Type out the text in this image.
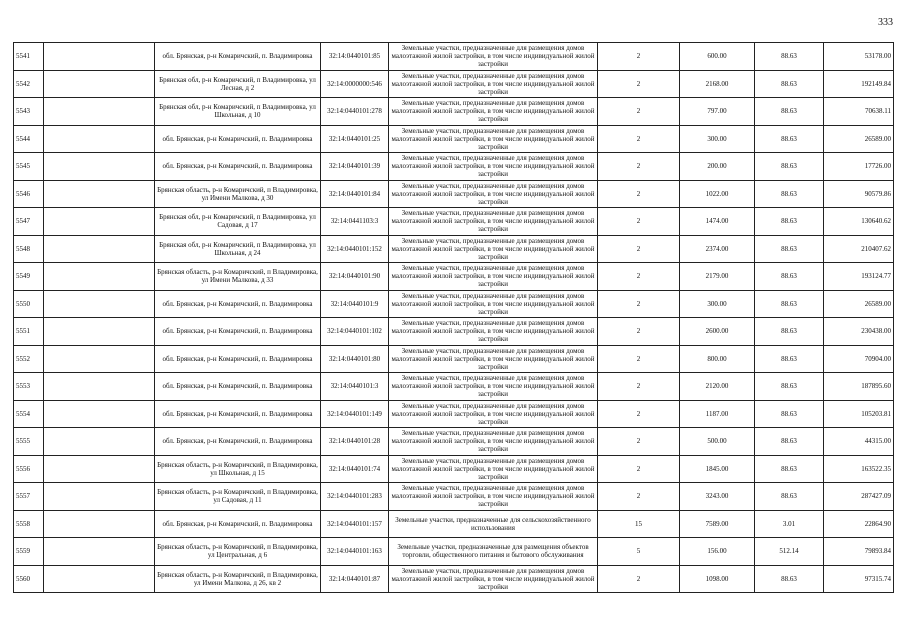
333
5541		обл. Брянская, р-н Комаричский, п. Владимировка	32:14:0440101:85	Земельные участки, предназначенные для размещения домов малоэтажной жилой застройки, в том числе индивидуальной жилой застройки	2	600.00	88.63	53178.00
5542		Брянская обл, р-н Комаричский, п Владимировка, ул Лесная, д 2	32:14:0000000:546	Земельные участки, предназначенные для размещения домов малоэтажной жилой застройки, в том числе индивидуальной жилой застройки	2	2168.00	88.63	192149.84
5543		Брянская обл, р-н Комаричский, п Владимировка, ул Школьная, д 10	32:14:0440101:278	Земельные участки, предназначенные для размещения домов малоэтажной жилой застройки, в том числе индивидуальной жилой застройки	2	797.00	88.63	70638.11
5544		обл. Брянская, р-н Комаричский, п. Владимировка	32:14:0440101:25	Земельные участки, предназначенные для размещения домов малоэтажной жилой застройки, в том числе индивидуальной жилой застройки	2	300.00	88.63	26589.00
5545		обл. Брянская, р-н Комаричский, п. Владимировка	32:14:0440101:39	Земельные участки, предназначенные для размещения домов малоэтажной жилой застройки, в том числе индивидуальной жилой застройки	2	200.00	88.63	17726.00
5546		Брянская область, р-н Комаричский, п Владимировка, ул Имени Малкова, д 30	32:14:0440101:84	Земельные участки, предназначенные для размещения домов малоэтажной жилой застройки, в том числе индивидуальной жилой застройки	2	1022.00	88.63	90579.86
5547		Брянская обл, р-н Комаричский, п Владимировка, ул Садовая, д 17	32:14:0441103:3	Земельные участки, предназначенные для размещения домов малоэтажной жилой застройки, в том числе индивидуальной жилой застройки	2	1474.00	88.63	130640.62
5548		Брянская обл, р-н Комаричский, п Владимировка, ул Школьная, д 24	32:14:0440101:152	Земельные участки, предназначенные для размещения домов малоэтажной жилой застройки, в том числе индивидуальной жилой застройки	2	2374.00	88.63	210407.62
5549		Брянская область, р-н Комаричский, п Владимировка, ул Имени Малкова, д 33	32:14:0440101:90	Земельные участки, предназначенные для размещения домов малоэтажной жилой застройки, в том числе индивидуальной жилой застройки	2	2179.00	88.63	193124.77
5550		обл. Брянская, р-н Комаричский, п. Владимировка	32:14:0440101:9	Земельные участки, предназначенные для размещения домов малоэтажной жилой застройки, в том числе индивидуальной жилой застройки	2	300.00	88.63	26589.00
5551		обл. Брянская, р-н Комаричский, п. Владимировка	32:14:0440101:102	Земельные участки, предназначенные для размещения домов малоэтажной жилой застройки, в том числе индивидуальной жилой застройки	2	2600.00	88.63	230438.00
5552		обл. Брянская, р-н Комаричский, п. Владимировка	32:14:0440101:80	Земельные участки, предназначенные для размещения домов малоэтажной жилой застройки, в том числе индивидуальной жилой застройки	2	800.00	88.63	70904.00
5553		обл. Брянская, р-н Комаричский, п. Владимировка	32:14:0440101:3	Земельные участки, предназначенные для размещения домов малоэтажной жилой застройки, в том числе индивидуальной жилой застройки	2	2120.00	88.63	187895.60
5554		обл. Брянская, р-н Комаричский, п. Владимировка	32:14:0440101:149	Земельные участки, предназначенные для размещения домов малоэтажной жилой застройки, в том числе индивидуальной жилой застройки	2	1187.00	88.63	105203.81
5555		обл. Брянская, р-н Комаричский, п. Владимировка	32:14:0440101:28	Земельные участки, предназначенные для размещения домов малоэтажной жилой застройки, в том числе индивидуальной жилой застройки	2	500.00	88.63	44315.00
5556		Брянская область, р-н Комаричский, п Владимировка, ул Школьная, д 15	32:14:0440101:74	Земельные участки, предназначенные для размещения домов малоэтажной жилой застройки, в том числе индивидуальной жилой застройки	2	1845.00	88.63	163522.35
5557		Брянская область, р-н Комаричский, п Владимировка, ул Садовая, д 11	32:14:0440101:283	Земельные участки, предназначенные для размещения домов малоэтажной жилой застройки, в том числе индивидуальной жилой застройки	2	3243.00	88.63	287427.09
5558		обл. Брянская, р-н Комаричский, п. Владимировка	32:14:0440101:157	Земельные участки, предназначенные для сельскохозяйственного использования	15	7589.00	3.01	22864.90
5559		Брянская область, р-н Комаричский, п Владимировка, ул Центральная, д 6	32:14:0440101:163	Земельные участки, предназначенные для размещения объектов торговли, общественного питания и бытового обслуживания	5	156.00	512.14	79893.84
5560		Брянская область, р-н Комаричский, п Владимировка, ул Имени Малкова, д 26, кв 2	32:14:0440101:87	Земельные участки, предназначенные для размещения домов малоэтажной жилой застройки, в том числе индивидуальной жилой застройки	2	1098.00	88.63	97315.74
